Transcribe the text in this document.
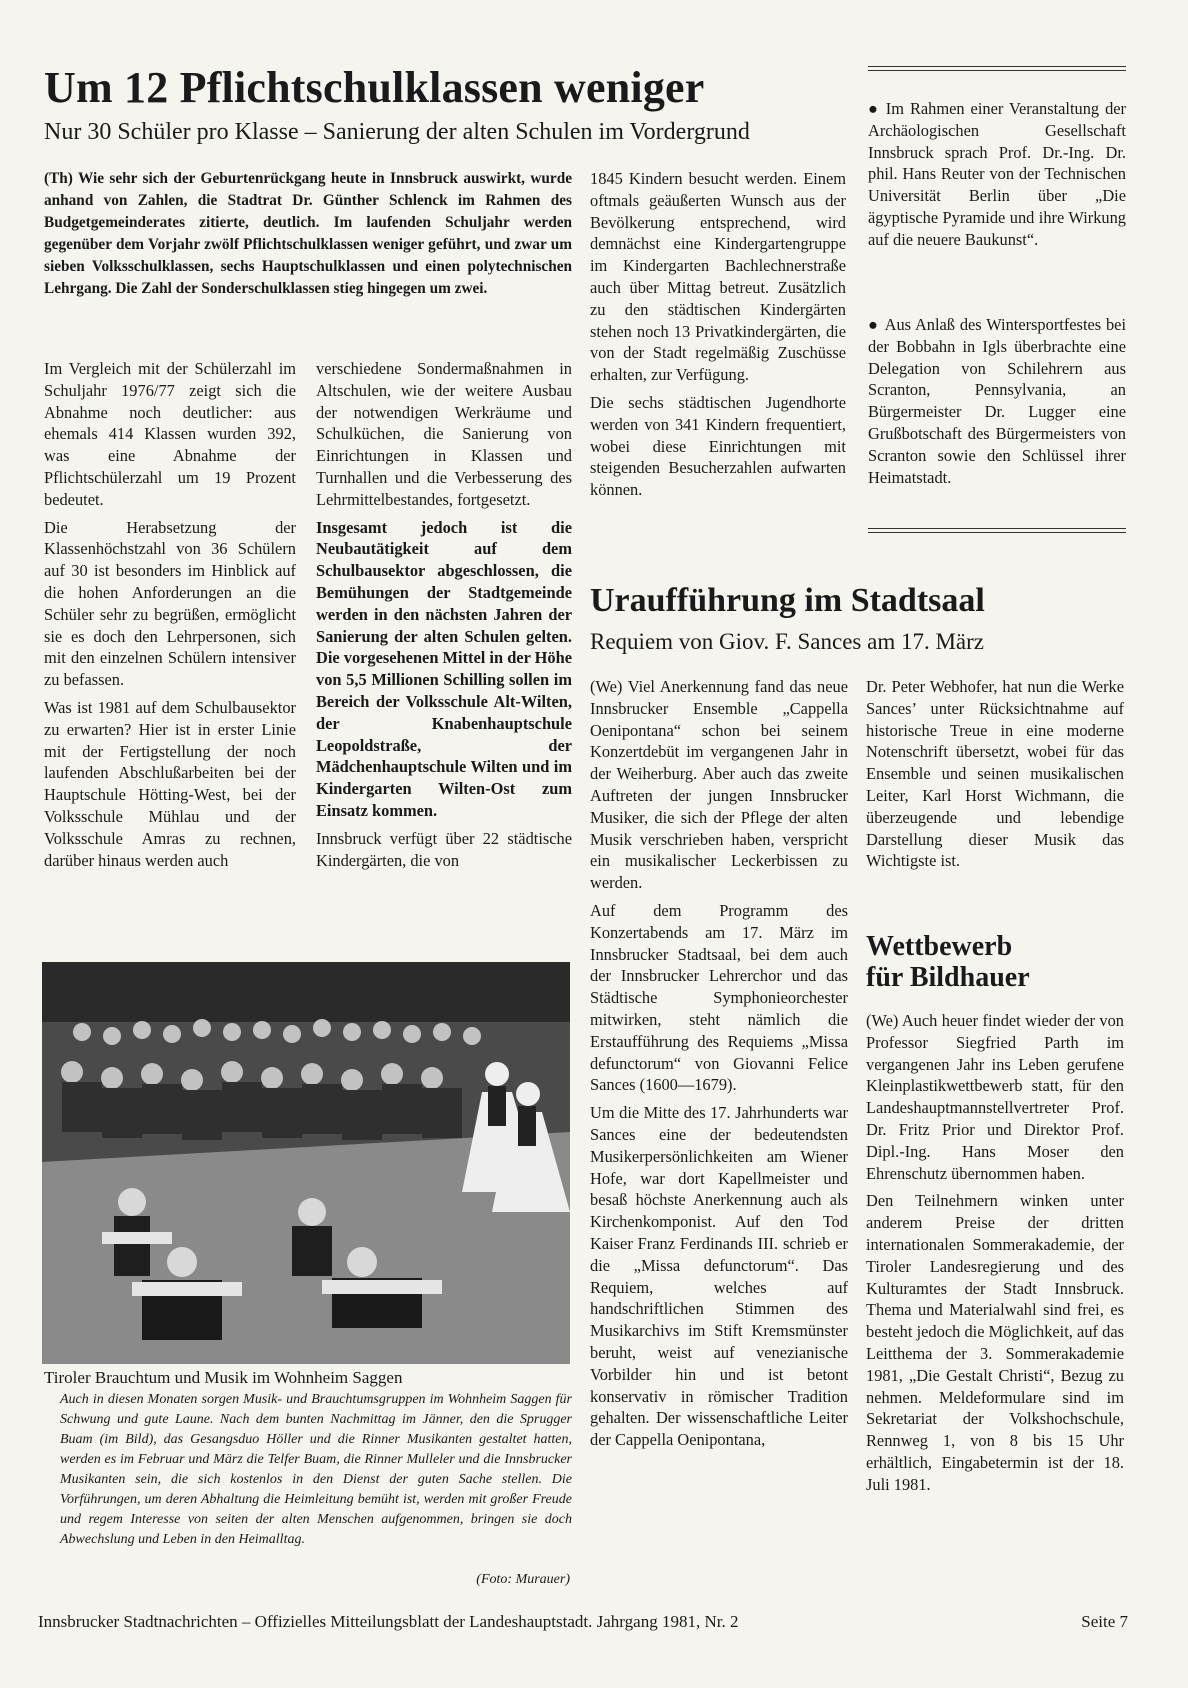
Um 12 Pflichtschulklassen weniger

Nur 30 Schüler pro Klasse – Sanierung der alten Schulen im Vordergrund

(Th) Wie sehr sich der Geburtenrückgang heute in Innsbruck auswirkt, wurde anhand von Zahlen, die Stadtrat Dr. Günther Schlenck im Rahmen des Budgetgemeinderates zitierte, deutlich. Im laufenden Schuljahr werden gegenüber dem Vorjahr zwölf Pflichtschulklassen weniger geführt, und zwar um sieben Volksschulklassen, sechs Hauptschulklassen und einen polytechnischen Lehrgang. Die Zahl der Sonderschulklassen stieg hingegen um zwei.

Im Vergleich mit der Schülerzahl im Schuljahr 1976/77 zeigt sich die Abnahme noch deutlicher: aus ehemals 414 Klassen wurden 392, was eine Abnahme der Pflichtschülerzahl um 19 Prozent bedeutet.

Die Herabsetzung der Klassenhöchstzahl von 36 Schülern auf 30 ist besonders im Hinblick auf die hohen Anforderungen an die Schüler sehr zu begrüßen, ermöglicht sie es doch den Lehrpersonen, sich mit den einzelnen Schülern intensiver zu befassen.

Was ist 1981 auf dem Schulbausektor zu erwarten? Hier ist in erster Linie mit der Fertigstellung der noch laufenden Abschlußarbeiten bei der Hauptschule Hötting-West, bei der Volksschule Mühlau und der Volksschule Amras zu rechnen, darüber hinaus werden auch

verschiedene Sondermaßnahmen in Altschulen, wie der weitere Ausbau der notwendigen Werkräume und Schulküchen, die Sanierung von Einrichtungen in Klassen und Turnhallen und die Verbesserung des Lehrmittelbestandes, fortgesetzt.

Insgesamt jedoch ist die Neubautätigkeit auf dem Schulbausektor abgeschlossen, die Bemühungen der Stadtgemeinde werden in den nächsten Jahren der Sanierung der alten Schulen gelten. Die vorgesehenen Mittel in der Höhe von 5,5 Millionen Schilling sollen im Bereich der Volksschule Alt-Wilten, der Knabenhauptschule Leopoldstraße, der Mädchenhauptschule Wilten und im Kindergarten Wilten-Ost zum Einsatz kommen.

Innsbruck verfügt über 22 städtische Kindergärten, die von

1845 Kindern besucht werden. Einem oftmals geäußerten Wunsch aus der Bevölkerung entsprechend, wird demnächst eine Kindergartengruppe im Kindergarten Bachlechnerstraße auch über Mittag betreut. Zusätzlich zu den städtischen Kindergärten stehen noch 13 Privatkindergärten, die von der Stadt regelmäßig Zuschüsse erhalten, zur Verfügung.

Die sechs städtischen Jugendhorte werden von 341 Kindern frequentiert, wobei diese Einrichtungen mit steigenden Besucherzahlen aufwarten können.

● Im Rahmen einer Veranstaltung der Archäologischen Gesellschaft Innsbruck sprach Prof. Dr.-Ing. Dr. phil. Hans Reuter von der Technischen Universität Berlin über „Die ägyptische Pyramide und ihre Wirkung auf die neuere Baukunst“.

● Aus Anlaß des Wintersportfestes bei der Bobbahn in Igls überbrachte eine Delegation von Schilehrern aus Scranton, Pennsylvania, an Bürgermeister Dr. Lugger eine Grußbotschaft des Bürgermeisters von Scranton sowie den Schlüssel ihrer Heimatstadt.

Uraufführung im Stadtsaal

Requiem von Giov. F. Sances am 17. März

(We) Viel Anerkennung fand das neue Innsbrucker Ensemble „Cappella Oenipontana“ schon bei seinem Konzertdebüt im vergangenen Jahr in der Weiherburg. Aber auch das zweite Auftreten der jungen Innsbrucker Musiker, die sich der Pflege der alten Musik verschrieben haben, verspricht ein musikalischer Leckerbissen zu werden.

Auf dem Programm des Konzertabends am 17. März im Innsbrucker Stadtsaal, bei dem auch der Innsbrucker Lehrerchor und das Städtische Symphonieorchester mitwirken, steht nämlich die Erstaufführung des Requiems „Missa defunctorum“ von Giovanni Felice Sances (1600—1679).

Um die Mitte des 17. Jahrhunderts war Sances eine der bedeutendsten Musikerpersönlichkeiten am Wiener Hofe, war dort Kapellmeister und besaß höchste Anerkennung auch als Kirchenkomponist. Auf den Tod Kaiser Franz Ferdinands III. schrieb er die „Missa defunctorum“. Das Requiem, welches auf handschriftlichen Stimmen des Musikarchivs im Stift Kremsmünster beruht, weist auf venezianische Vorbilder hin und ist betont konservativ in römischer Tradition gehalten. Der wissenschaftliche Leiter der Cappella Oenipontana,

Dr. Peter Webhofer, hat nun die Werke Sances’ unter Rücksichtnahme auf historische Treue in eine moderne Notenschrift übersetzt, wobei für das Ensemble und seinen musikalischen Leiter, Karl Horst Wichmann, die überzeugende und lebendige Darstellung dieser Musik das Wichtigste ist.

Wettbewerb
für Bildhauer

(We) Auch heuer findet wieder der von Professor Siegfried Parth im vergangenen Jahr ins Leben gerufene Kleinplastikwettbewerb statt, für den Landeshauptmannstellvertreter Prof. Dr. Fritz Prior und Direktor Prof. Dipl.-Ing. Hans Moser den Ehrenschutz übernommen haben.

Den Teilnehmern winken unter anderem Preise der dritten internationalen Sommerakademie, der Tiroler Landesregierung und des Kulturamtes der Stadt Innsbruck. Thema und Materialwahl sind frei, es besteht jedoch die Möglichkeit, auf das Leitthema der 3. Sommerakademie 1981, „Die Gestalt Christi“, Bezug zu nehmen. Meldeformulare sind im Sekretariat der Volkshochschule, Rennweg 1, von 8 bis 15 Uhr erhältlich, Eingabetermin ist der 18. Juli 1981.

Tiroler Brauchtum und Musik im Wohnheim Saggen

Auch in diesen Monaten sorgen Musik- und Brauchtumsgruppen im Wohnheim Saggen für Schwung und gute Laune. Nach dem bunten Nachmittag im Jänner, den die Sprugger Buam (im Bild), das Gesangsduo Höller und die Rinner Musikanten gestaltet hatten, werden es im Februar und März die Telfer Buam, die Rinner Mulleler und die Innsbrucker Musikanten sein, die sich kostenlos in den Dienst der guten Sache stellen. Die Vorführungen, um deren Abhaltung die Heimleitung bemüht ist, werden mit großer Freude und regem Interesse von seiten der alten Menschen aufgenommen, bringen sie doch Abwechslung und Leben in den Heimalltag.

(Foto: Murauer)

Innsbrucker Stadtnachrichten – Offizielles Mitteilungsblatt der Landeshauptstadt. Jahrgang 1981, Nr. 2	Seite 7
